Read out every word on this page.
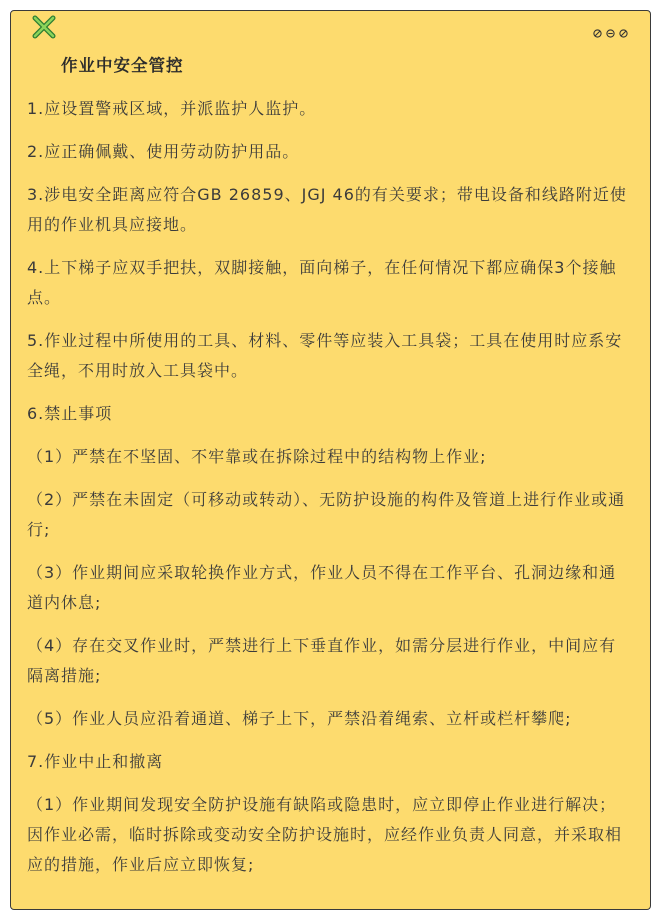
作业中安全管控
1.应设置警戒区域，并派监护人监护。
2.应正确佩戴、使用劳动防护用品。
3.涉电安全距离应符合GB 26859、JGJ 46的有关要求；带电设备和线路附近使用的作业机具应接地。
4.上下梯子应双手把扶，双脚接触，面向梯子，在任何情况下都应确保3个接触点。
5.作业过程中所使用的工具、材料、零件等应装入工具袋；工具在使用时应系安全绳，不用时放入工具袋中。
6.禁止事项
（1）严禁在不坚固、不牢靠或在拆除过程中的结构物上作业;
（2）严禁在未固定（可移动或转动）、无防护设施的构件及管道上进行作业或通行;
（3）作业期间应采取轮换作业方式，作业人员不得在工作平台、孔洞边缘和通道内休息;
（4）存在交叉作业时，严禁进行上下垂直作业，如需分层进行作业，中间应有隔离措施;
（5）作业人员应沿着通道、梯子上下，严禁沿着绳索、立杆或栏杆攀爬;
7.作业中止和撤离
（1）作业期间发现安全防护设施有缺陷或隐患时，应立即停止作业进行解决；因作业必需，临时拆除或变动安全防护设施时，应经作业负责人同意，并采取相应的措施，作业后应立即恢复;
